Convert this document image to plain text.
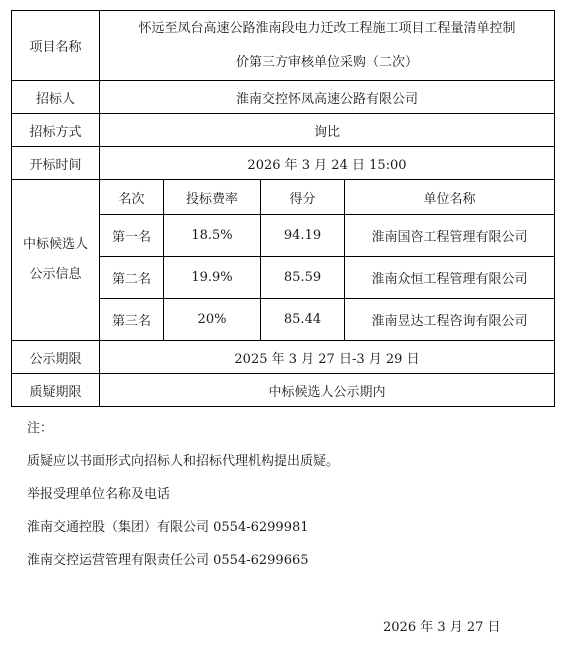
项目名称	怀远至凤台高速公路淮南段电力迁改工程施工项目工程量清单控制
价第三方审核单位采购（二次）			

招标人	淮南交控怀凤高速公路有限公司			
招标方式	询比			
开标时间	2026 年 3 月 24 日 15:00			

中标候选人
公示信息	名次	投标费率	得分	单位名称
	第一名	18.5%	94.19	淮南国咨工程管理有限公司
	第二名	19.9%	85.59	淮南众恒工程管理有限公司
	第三名	20%	85.44	淮南昱达工程咨询有限公司
公示期限	2025 年 3 月 27 日-3 月 29 日			
质疑期限	中标候选人公示期内			
注：
质疑应以书面形式向招标人和招标代理机构提出质疑。
举报受理单位名称及电话
淮南交通控股（集团）有限公司 0554-6299981
淮南交控运营管理有限责任公司 0554-6299665
2026 年 3 月 27 日
